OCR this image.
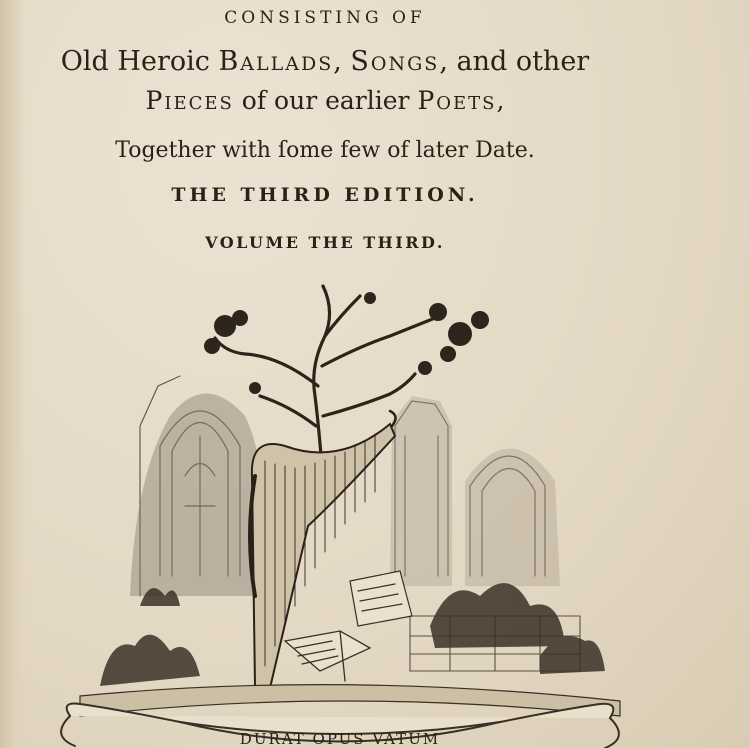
CONSISTING OF
Old Heroic Ballads, Songs, and other
Pieces of our earlier Poets,
Together with ſome few of later Date.
THE THIRD EDITION.
VOLUME THE THIRD.
DURAT OPUS VATUM
